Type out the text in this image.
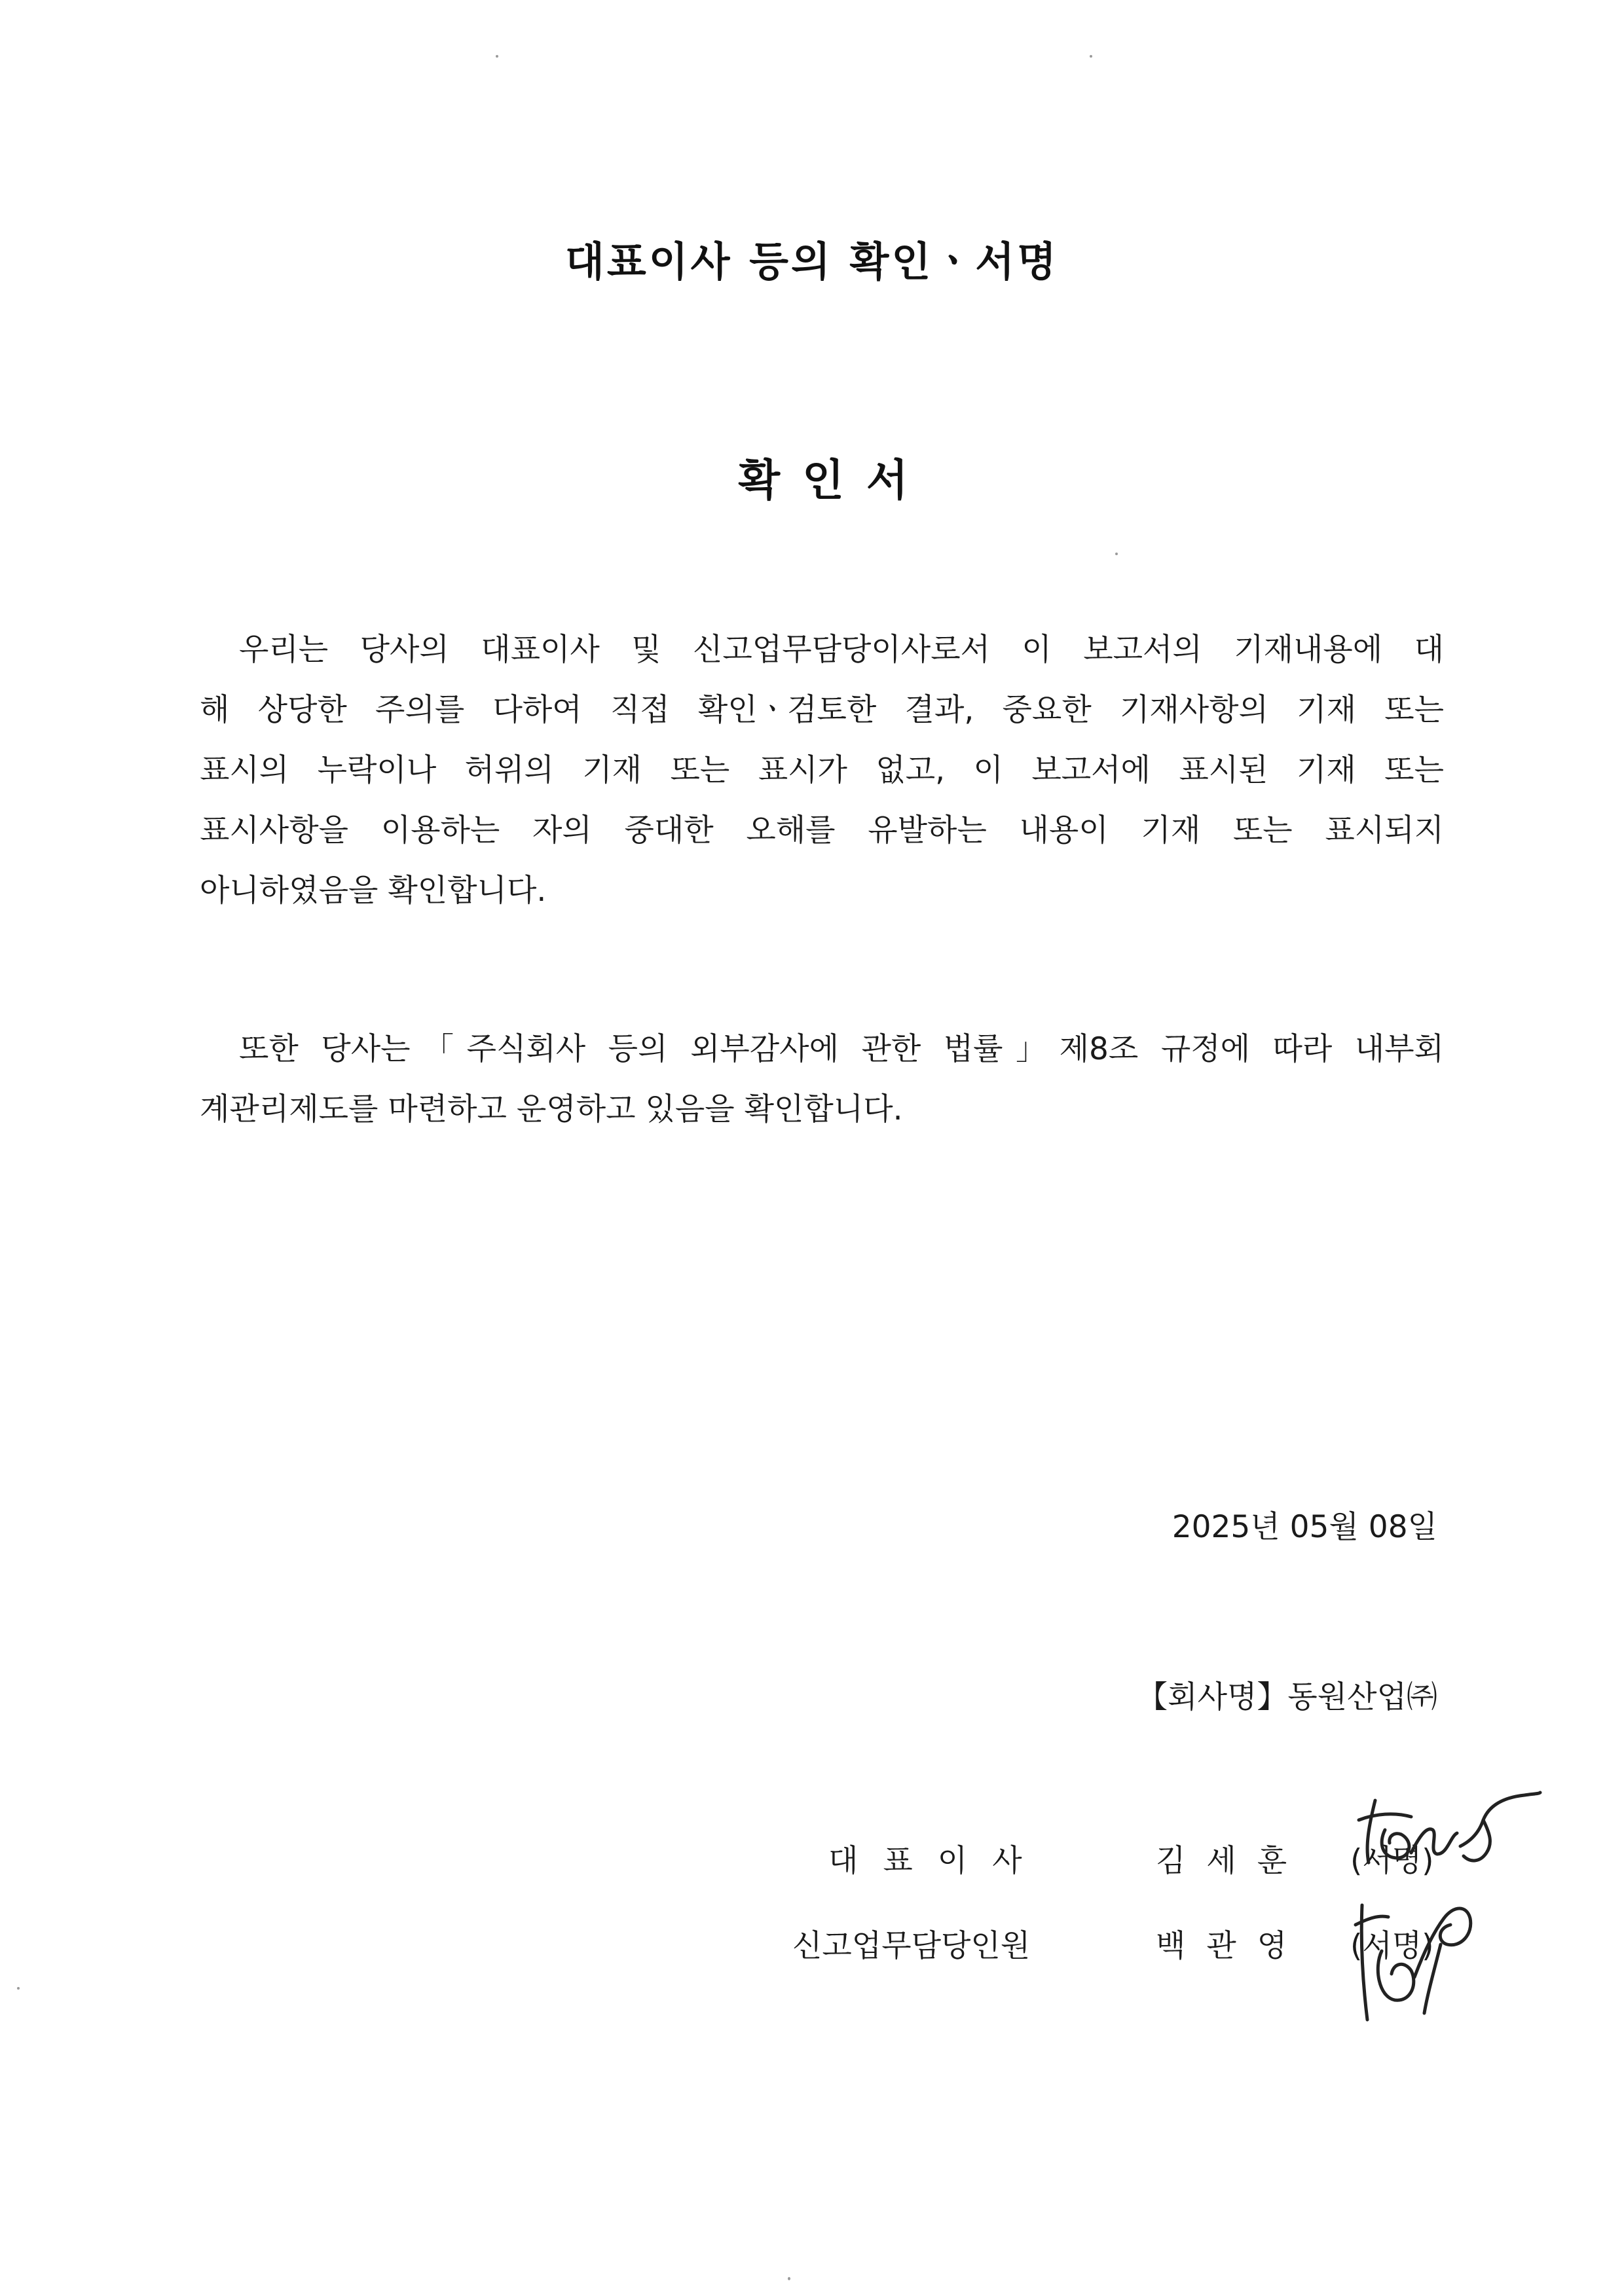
대표이사 등의 확인ㆍ서명
확인서
우리는 당사의 대표이사 및 신고업무담당이사로서 이 보고서의 기재내용에 대
해 상당한 주의를 다하여 직접 확인ㆍ검토한 결과, 중요한 기재사항의 기재 또는
표시의 누락이나 허위의 기재 또는 표시가 없고, 이 보고서에 표시된 기재 또는
표시사항을 이용하는 자의 중대한 오해를 유발하는 내용이 기재 또는 표시되지
아니하였음을 확인합니다.
또한 당사는「주식회사 등의 외부감사에 관한 법률」제8조 규정에 따라 내부회
계관리제도를 마련하고 운영하고 있음을 확인합니다.
2025년 05월 08일
【회사명】동원산업㈜
대표이사	김세훈 (서명)
신고업무담당인원	백관영 (서명)
